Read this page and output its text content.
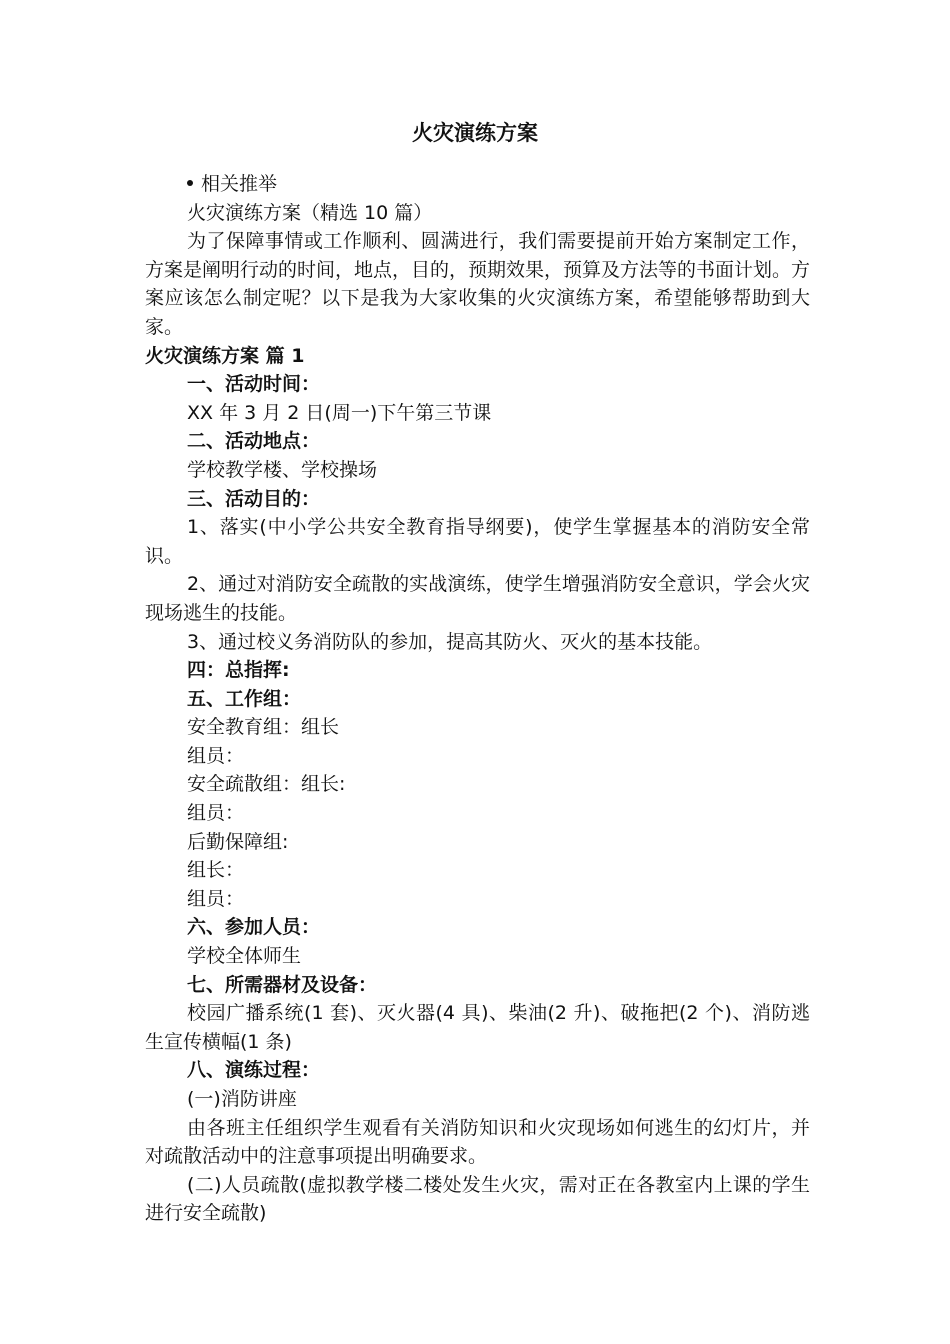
火灾演练方案
相关推举
火灾演练方案（精选 10 篇）
为了保障事情或工作顺利、圆满进行，我们需要提前开始方案制定工作，方案是阐明行动的时间，地点，目的，预期效果，预算及方法等的书面计划。方案应该怎么制定呢？以下是我为大家收集的火灾演练方案，希望能够帮助到大家。
火灾演练方案 篇 1
一、活动时间：
XX 年 3 月 2 日(周一)下午第三节课
二、活动地点：
学校教学楼、学校操场
三、活动目的：
1、落实(中小学公共安全教育指导纲要)，使学生掌握基本的消防安全常识。
2、通过对消防安全疏散的实战演练，使学生增强消防安全意识，学会火灾现场逃生的技能。
3、通过校义务消防队的参加，提高其防火、灭火的基本技能。
四：总指挥:
五、工作组：
安全教育组：组长
组员：
安全疏散组：组长:
组员：
后勤保障组:
组长：
组员：
六、参加人员：
学校全体师生
七、所需器材及设备：
校园广播系统(1 套)、灭火器(4 具)、柴油(2 升)、破拖把(2 个)、消防逃生宣传横幅(1 条)
八、演练过程：
(一)消防讲座
由各班主任组织学生观看有关消防知识和火灾现场如何逃生的幻灯片，并对疏散活动中的注意事项提出明确要求。
(二)人员疏散(虚拟教学楼二楼处发生火灾，需对正在各教室内上课的学生进行安全疏散)
